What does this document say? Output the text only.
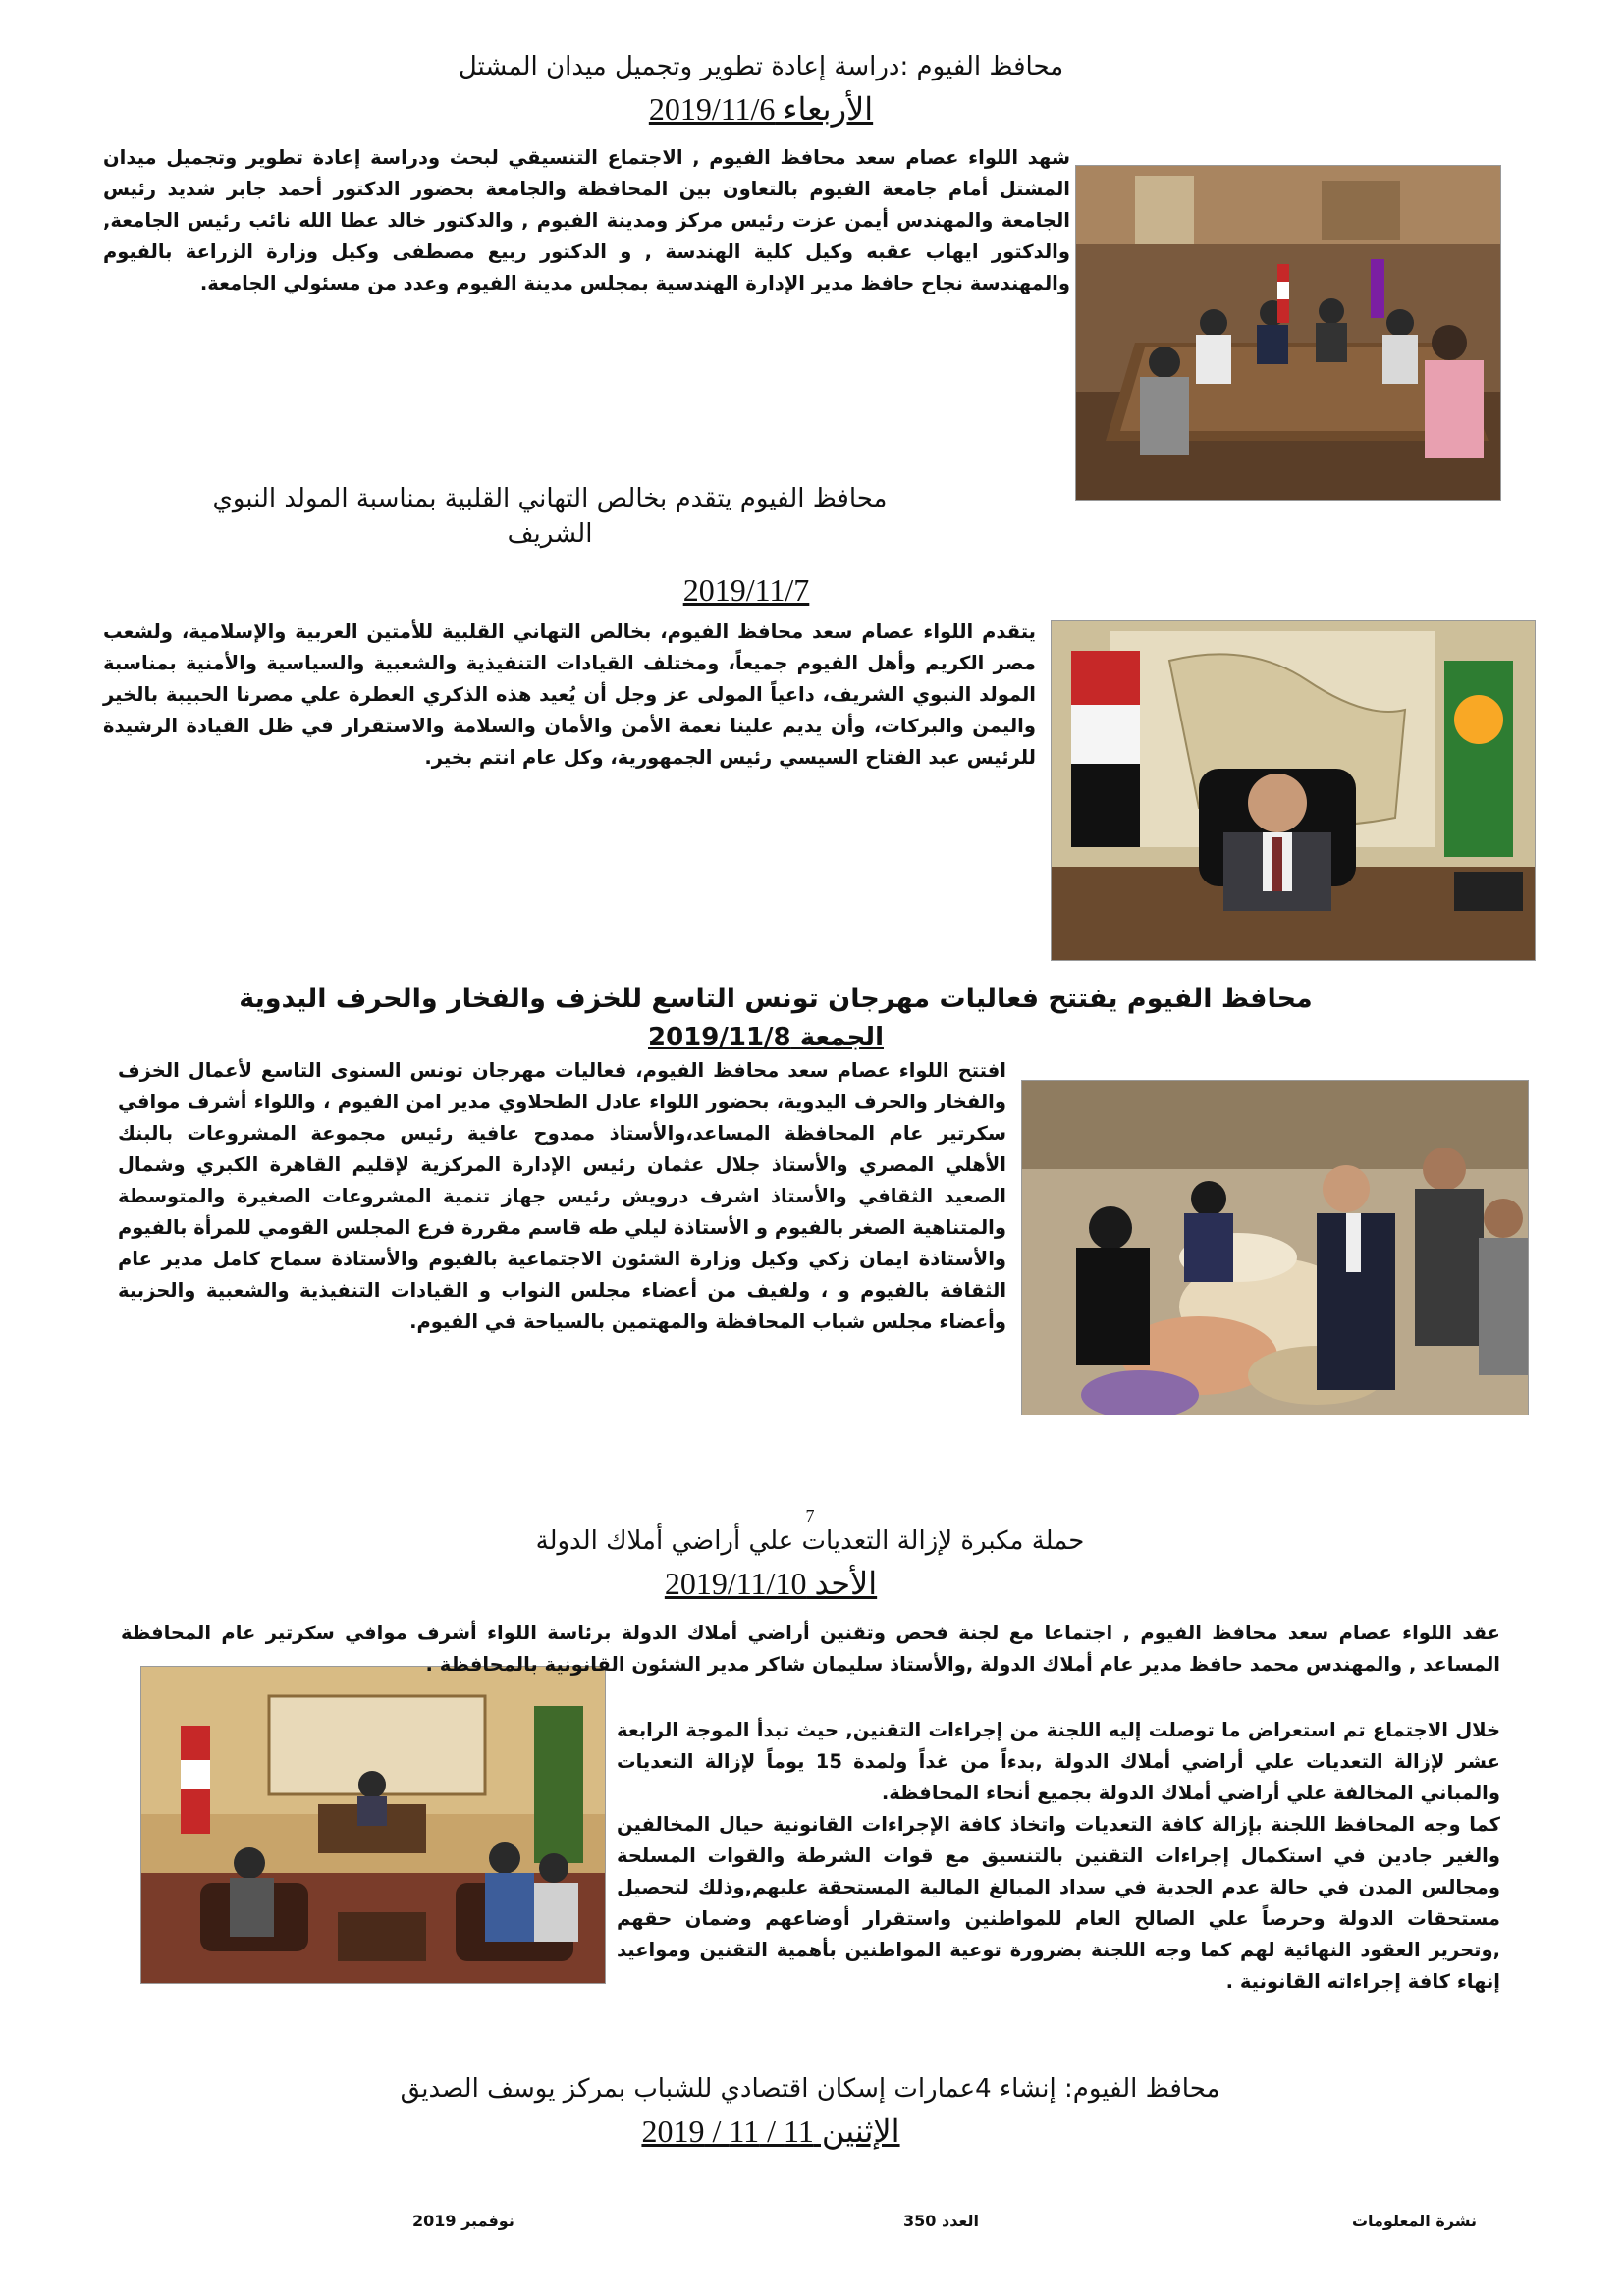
محافظ الفيوم :دراسة إعادة تطوير وتجميل ميدان المشتل
الأربعاء 2019/11/6
شهد اللواء عصام سعد محافظ الفيوم , الاجتماع التنسيقي لبحث ودراسة إعادة تطوير وتجميل ميدان المشتل أمام جامعة الفيوم بالتعاون بين المحافظة والجامعة بحضور الدكتور أحمد جابر شديد رئيس الجامعة والمهندس أيمن عزت رئيس مركز ومدينة الفيوم , والدكتور خالد عطا الله نائب رئيس الجامعة, والدكتور ايهاب عقبه وكيل كلية الهندسة , و الدكتور ربيع مصطفى وكيل وزارة الزراعة بالفيوم والمهندسة نجاح حافظ مدير الإدارة الهندسية بمجلس مدينة الفيوم وعدد من مسئولي الجامعة.
محافظ الفيوم يتقدم بخالص التهاني القلبية بمناسبة المولد النبوي الشريف
2019/11/7
يتقدم اللواء عصام سعد محافظ الفيوم، بخالص التهاني القلبية للأمتين العربية والإسلامية، ولشعب مصر الكريم وأهل الفيوم جميعاً، ومختلف القيادات التنفيذية والشعبية والسياسية والأمنية بمناسبة المولد النبوي الشريف، داعياً المولى عز وجل أن يُعيد هذه الذكري العطرة علي مصرنا الحبيبة بالخير واليمن والبركات، وأن يديم علينا نعمة الأمن والأمان والسلامة والاستقرار في ظل القيادة الرشيدة للرئيس عبد الفتاح السيسي رئيس الجمهورية، وكل عام انتم بخير.
محافظ الفيوم يفتتح فعاليات مهرجان تونس التاسع للخزف والفخار والحرف اليدوية
الجمعة 2019/11/8
افتتح اللواء عصام سعد محافظ الفيوم، فعاليات مهرجان تونس السنوى التاسع لأعمال الخزف والفخار والحرف اليدوية، بحضور اللواء عادل الطحلاوي مدير امن الفيوم ، واللواء أشرف موافي سكرتير عام المحافظة المساعد،والأستاذ ممدوح عافية رئيس مجموعة المشروعات بالبنك الأهلي المصري والأستاذ جلال عثمان رئيس الإدارة المركزية لإقليم القاهرة الكبري وشمال الصعيد الثقافي والأستاذ اشرف درويش رئيس جهاز تنمية المشروعات الصغيرة والمتوسطة والمتناهية الصغر بالفيوم و الأستاذة ليلي طه قاسم مقررة فرع المجلس القومي للمرأة بالفيوم والأستاذة ايمان زكي وكيل وزارة الشئون الاجتماعية بالفيوم والأستاذة سماح كامل مدير عام الثقافة بالفيوم و ، ولفيف من أعضاء مجلس النواب و القيادات التنفيذية والشعبية والحزبية وأعضاء مجلس شباب المحافظة والمهتمين بالسياحة في الفيوم.
7
حملة مكبرة لإزالة التعديات علي أراضي أملاك الدولة
الأحد 2019/11/10
عقد اللواء عصام سعد محافظ الفيوم , اجتماعا مع لجنة فحص وتقنين أراضي أملاك الدولة برئاسة اللواء أشرف موافي سكرتير عام المحافظة المساعد , والمهندس محمد حافظ مدير عام أملاك الدولة ,والأستاذ سليمان شاكر مدير الشئون القانونية بالمحافظة .

خلال الاجتماع تم استعراض ما توصلت إليه اللجنة من إجراءات التقنين, حيث تبدأ الموجة الرابعة عشر لإزالة التعديات علي أراضي أملاك الدولة ,بدءاً من غداً ولمدة 15 يوماً لإزالة التعديات والمباني المخالفة علي أراضي أملاك الدولة بجميع أنحاء المحافظة.

كما وجه المحافظ اللجنة بإزالة كافة التعديات واتخاذ كافة الإجراءات القانونية حيال المخالفين والغير جادين في استكمال إجراءات التقنين بالتنسيق مع قوات الشرطة والقوات المسلحة ومجالس المدن في حالة عدم الجدية في سداد المبالغ المالية المستحقة عليهم,وذلك لتحصيل مستحقات الدولة وحرصاً علي الصالح العام للمواطنين واستقرار أوضاعهم وضمان حقهم ,وتحرير العقود النهائية لهم كما وجه اللجنة بضرورة توعية المواطنين بأهمية التقنين ومواعيد إنهاء كافة إجراءاته القانونية .

محافظ الفيوم: إنشاء 4عمارات إسكان اقتصادي للشباب بمركز يوسف الصديق
الإثنين 11 / 11 / 2019
نشرة المعلومات
العدد 350
نوفمبر 2019
